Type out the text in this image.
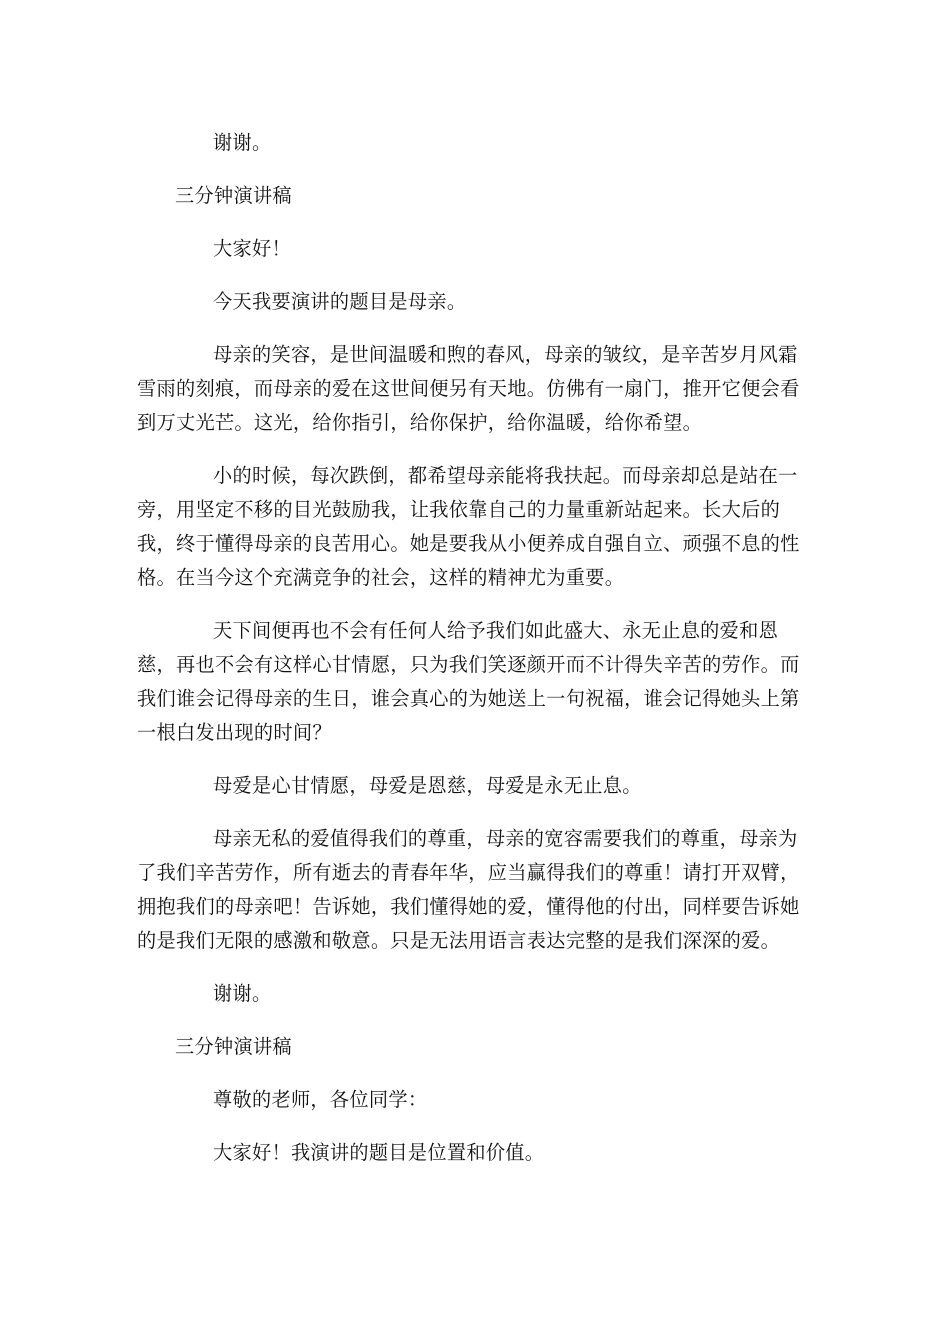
谢谢。

三分钟演讲稿

大家好！

今天我要演讲的题目是母亲。

母亲的笑容，是世间温暖和煦的春风，母亲的皱纹，是辛苦岁月风霜雪雨的刻痕，而母亲的爱在这世间便另有天地。仿佛有一扇门，推开它便会看到万丈光芒。这光，给你指引，给你保护，给你温暖，给你希望。

小的时候，每次跌倒，都希望母亲能将我扶起。而母亲却总是站在一旁，用坚定不移的目光鼓励我，让我依靠自己的力量重新站起来。长大后的我，终于懂得母亲的良苦用心。她是要我从小便养成自强自立、顽强不息的性格。在当今这个充满竞争的社会，这样的精神尤为重要。

天下间便再也不会有任何人给予我们如此盛大、永无止息的爱和恩慈，再也不会有这样心甘情愿，只为我们笑逐颜开而不计得失辛苦的劳作。而我们谁会记得母亲的生日，谁会真心的为她送上一句祝福，谁会记得她头上第一根白发出现的时间？

母爱是心甘情愿，母爱是恩慈，母爱是永无止息。

母亲无私的爱值得我们的尊重，母亲的宽容需要我们的尊重，母亲为了我们辛苦劳作，所有逝去的青春年华，应当赢得我们的尊重！请打开双臂，拥抱我们的母亲吧！告诉她，我们懂得她的爱，懂得他的付出，同样要告诉她的是我们无限的感激和敬意。只是无法用语言表达完整的是我们深深的爱。

谢谢。

三分钟演讲稿

尊敬的老师，各位同学：

大家好！我演讲的题目是位置和价值。
